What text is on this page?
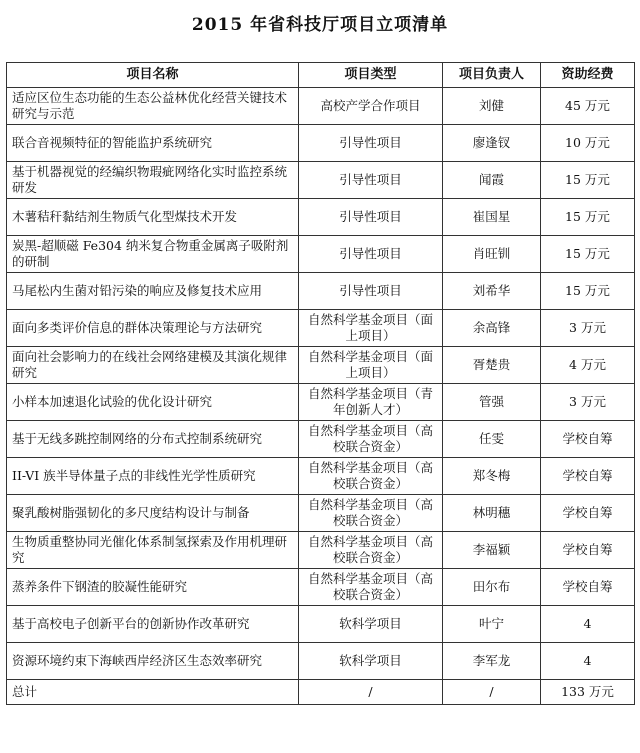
2015 年省科技厅项目立项清单
项目名称	项目类型	项目负责人	资助经费
适应区位生态功能的生态公益林优化经营关键技术研究与示范	高校产学合作项目	刘健	45 万元
联合音视频特征的智能监护系统研究	引导性项目	廖逢钗	10 万元
基于机器视觉的经编织物瑕疵网络化实时监控系统研发	引导性项目	闻霞	15 万元
木薯秸秆黏结剂生物质气化型煤技术开发	引导性项目	崔国星	15 万元
炭黑-超顺磁 Fe304 纳米复合物重金属离子吸附剂的研制	引导性项目	肖旺钏	15 万元
马尾松内生菌对铅污染的响应及修复技术应用	引导性项目	刘希华	15 万元
面向多类评价信息的群体决策理论与方法研究	自然科学基金项目（面上项目）	余高锋	3 万元
面向社会影响力的在线社会网络建模及其演化规律研究	自然科学基金项目（面上项目）	胥楚贵	4 万元
小样本加速退化试验的优化设计研究	自然科学基金项目（青年创新人才）	管强	3 万元
基于无线多跳控制网络的分布式控制系统研究	自然科学基金项目（高校联合资金）	任雯	学校自筹
II-VI 族半导体量子点的非线性光学性质研究	自然科学基金项目（高校联合资金）	郑冬梅	学校自筹
聚乳酸树脂强韧化的多尺度结构设计与制备	自然科学基金项目（高校联合资金）	林明穗	学校自筹
生物质重整协同光催化体系制氢探索及作用机理研究	自然科学基金项目（高校联合资金）	李福颖	学校自筹
蒸养条件下钢渣的胶凝性能研究	自然科学基金项目（高校联合资金）	田尔布	学校自筹
基于高校电子创新平台的创新协作改革研究	软科学项目	叶宁	4
资源环境约束下海峡西岸经济区生态效率研究	软科学项目	李军龙	4
总计	/	/	133 万元
